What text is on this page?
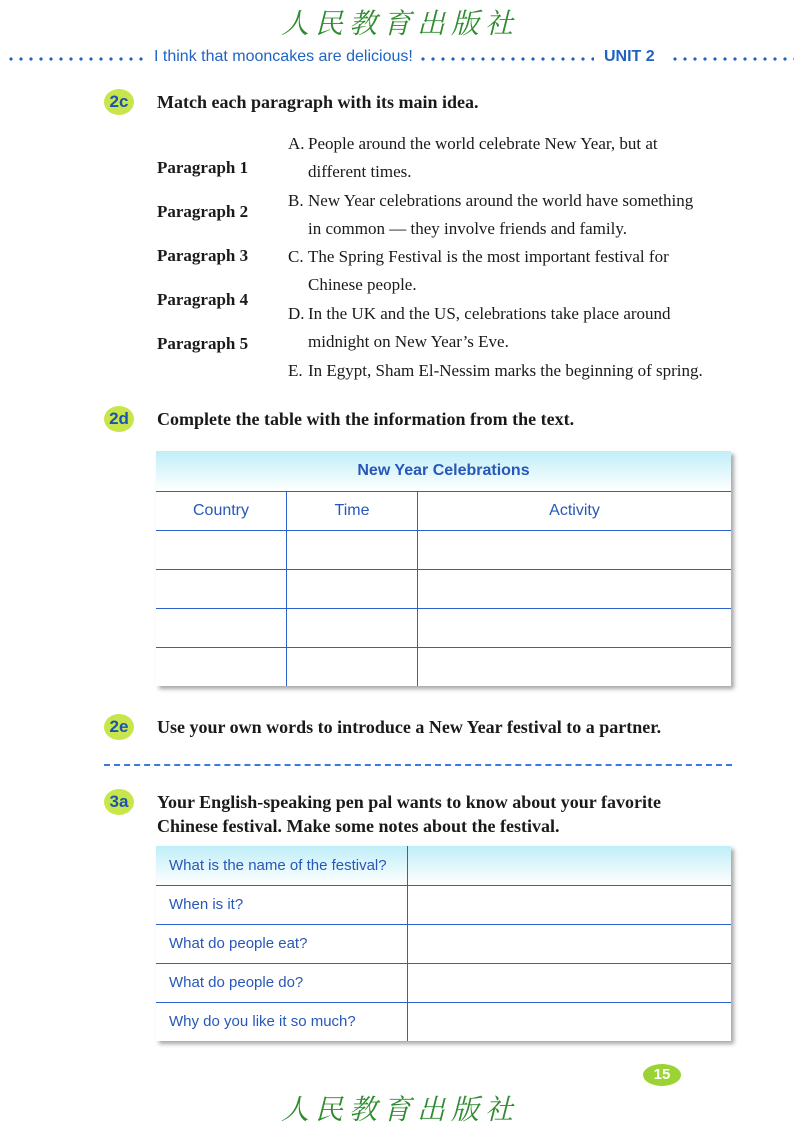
人民教育出版社
I think that mooncakes are delicious!	UNIT 2
2c	Match each paragraph with its main idea.
Paragraph 1
Paragraph 2
Paragraph 3
Paragraph 4
Paragraph 5
A. People around the world celebrate New Year, but at
different times.
B. New Year celebrations around the world have something
in common — they involve friends and family.
C. The Spring Festival is the most important festival for
Chinese people.
D. In the UK and the US, celebrations take place around
midnight on New Year’s Eve.
E. In Egypt, Sham El-Nessim marks the beginning of spring.
2d Complete the table with the information from the text.
New Year Celebrations		
Country	Time	Activity

2e	Use your own words to introduce a New Year festival to a partner.
3a	Your English-speaking pen pal wants to know about your favorite
Chinese festival. Make some notes about the festival.
What is the name of the festival?	
When is it?	
What do people eat?	
What do people do?	
Why do you like it so much?	
15
人民教育出版社
